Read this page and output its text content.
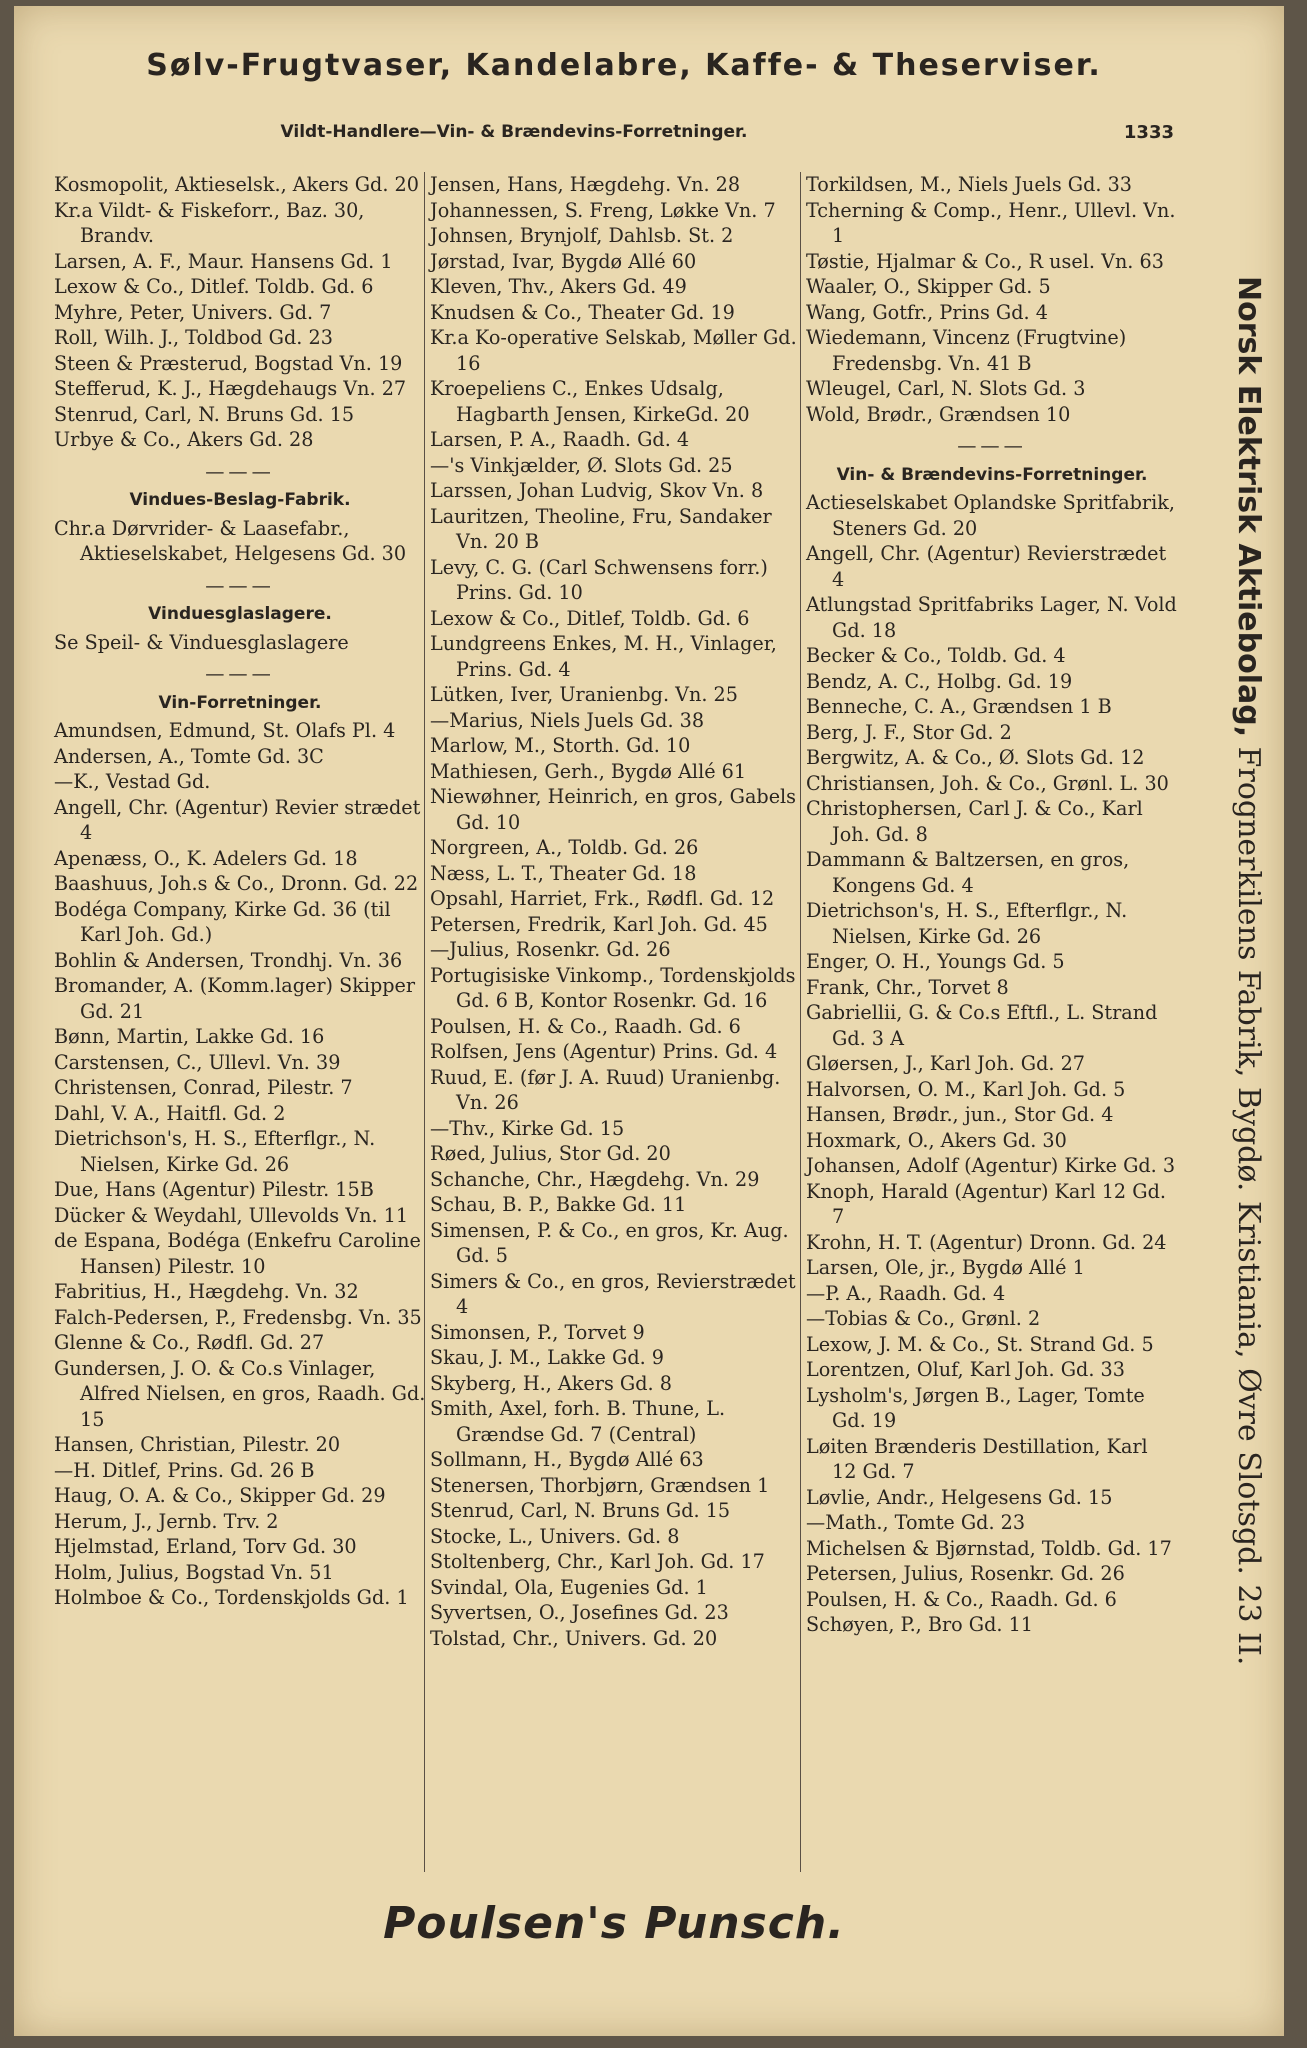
Sølv-Frugtvaser, Kandelabre, Kaffe- & Theserviser.
Vildt-Handlere—Vin- & Brændevins-Forretninger.	1333
Kosmopolit, Aktieselsk., Akers Gd. 20
Kr.a Vildt- & Fiskeforr., Baz. 30, Brandv.
Larsen, A. F., Maur. Hansens Gd. 1
Lexow & Co., Ditlef. Toldb. Gd. 6
Myhre, Peter, Univers. Gd. 7
Roll, Wilh. J., Toldbod Gd. 23
Steen & Præsterud, Bogstad Vn. 19
Stefferud, K. J., Hægdehaugs Vn. 27
Stenrud, Carl, N. Bruns Gd. 15
Urbye & Co., Akers Gd. 28
———
Vindues-Beslag-Fabrik.
Chr.a Dørvrider- & Laasefabr., Aktieselskabet, Helgesens Gd. 30
———
Vinduesglaslagere.
Se Speil- & Vinduesglaslagere
———
Vin-Forretninger.
Amundsen, Edmund, St. Olafs Pl. 4
Andersen, A., Tomte Gd. 3C
—K., Vestad Gd.
Angell, Chr. (Agentur) Revier strædet 4
Apenæss, O., K. Adelers Gd. 18
Baashuus, Joh.s & Co., Dronn. Gd. 22
Bodéga Company, Kirke Gd. 36 (til Karl Joh. Gd.)
Bohlin & Andersen, Trondhj. Vn. 36
Bromander, A. (Komm.lager) Skipper Gd. 21
Bønn, Martin, Lakke Gd. 16
Carstensen, C., Ullevl. Vn. 39
Christensen, Conrad, Pilestr. 7
Dahl, V. A., Haitfl. Gd. 2
Dietrichson's, H. S., Efterflgr., N. Nielsen, Kirke Gd. 26
Due, Hans (Agentur) Pilestr. 15B
Dücker & Weydahl, Ullevolds Vn. 11
de Espana, Bodéga (Enkefru Caroline Hansen) Pilestr. 10
Fabritius, H., Hægdehg. Vn. 32
Falch-Pedersen, P., Fredensbg. Vn. 35
Glenne & Co., Rødfl. Gd. 27
Gundersen, J. O. & Co.s Vinlager, Alfred Nielsen, en gros, Raadh. Gd. 15
Hansen, Christian, Pilestr. 20
—H. Ditlef, Prins. Gd. 26 B
Haug, O. A. & Co., Skipper Gd. 29
Herum, J., Jernb. Trv. 2
Hjelmstad, Erland, Torv Gd. 30
Holm, Julius, Bogstad Vn. 51
Holmboe & Co., Tordenskjolds Gd. 1
Jensen, Hans, Hægdehg. Vn. 28
Johannessen, S. Freng, Løkke Vn. 7
Johnsen, Brynjolf, Dahlsb. St. 2
Jørstad, Ivar, Bygdø Allé 60
Kleven, Thv., Akers Gd. 49
Knudsen & Co., Theater Gd. 19
Kr.a Ko-operative Selskab, Møller Gd. 16
Kroepeliens C., Enkes Udsalg, Hagbarth Jensen, KirkeGd. 20
Larsen, P. A., Raadh. Gd. 4
—'s Vinkjælder, Ø. Slots Gd. 25
Larssen, Johan Ludvig, Skov Vn. 8
Lauritzen, Theoline, Fru, Sandaker Vn. 20 B
Levy, C. G. (Carl Schwensens forr.) Prins. Gd. 10
Lexow & Co., Ditlef, Toldb. Gd. 6
Lundgreens Enkes, M. H., Vinlager, Prins. Gd. 4
Lütken, Iver, Uranienbg. Vn. 25
—Marius, Niels Juels Gd. 38
Marlow, M., Storth. Gd. 10
Mathiesen, Gerh., Bygdø Allé 61
Niewøhner, Heinrich, en gros, Gabels Gd. 10
Norgreen, A., Toldb. Gd. 26
Næss, L. T., Theater Gd. 18
Opsahl, Harriet, Frk., Rødfl. Gd. 12
Petersen, Fredrik, Karl Joh. Gd. 45
—Julius, Rosenkr. Gd. 26
Portugisiske Vinkomp., Tordenskjolds Gd. 6 B, Kontor Rosenkr. Gd. 16
Poulsen, H. & Co., Raadh. Gd. 6
Rolfsen, Jens (Agentur) Prins. Gd. 4
Ruud, E. (før J. A. Ruud) Uranienbg. Vn. 26
—Thv., Kirke Gd. 15
Røed, Julius, Stor Gd. 20
Schanche, Chr., Hægdehg. Vn. 29
Schau, B. P., Bakke Gd. 11
Simensen, P. & Co., en gros, Kr. Aug. Gd. 5
Simers & Co., en gros, Revierstrædet 4
Simonsen, P., Torvet 9
Skau, J. M., Lakke Gd. 9
Skyberg, H., Akers Gd. 8
Smith, Axel, forh. B. Thune, L. Grændse Gd. 7 (Central)
Sollmann, H., Bygdø Allé 63
Stenersen, Thorbjørn, Grændsen 1
Stenrud, Carl, N. Bruns Gd. 15
Stocke, L., Univers. Gd. 8
Stoltenberg, Chr., Karl Joh. Gd. 17
Svindal, Ola, Eugenies Gd. 1
Syvertsen, O., Josefines Gd. 23
Tolstad, Chr., Univers. Gd. 20
Torkildsen, M., Niels Juels Gd. 33
Tcherning & Comp., Henr., Ullevl. Vn. 1
Tøstie, Hjalmar & Co., R usel. Vn. 63
Waaler, O., Skipper Gd. 5
Wang, Gotfr., Prins Gd. 4
Wiedemann, Vincenz (Frugtvine) Fredensbg. Vn. 41 B
Wleugel, Carl, N. Slots Gd. 3
Wold, Brødr., Grændsen 10
———
Vin- & Brændevins-Forretninger.
Actieselskabet Oplandske Spritfabrik, Steners Gd. 20
Angell, Chr. (Agentur) Revierstrædet 4
Atlungstad Spritfabriks Lager, N. Vold Gd. 18
Becker & Co., Toldb. Gd. 4
Bendz, A. C., Holbg. Gd. 19
Benneche, C. A., Grændsen 1 B
Berg, J. F., Stor Gd. 2
Bergwitz, A. & Co., Ø. Slots Gd. 12
Christiansen, Joh. & Co., Grønl. L. 30
Christophersen, Carl J. & Co., Karl Joh. Gd. 8
Dammann & Baltzersen, en gros, Kongens Gd. 4
Dietrichson's, H. S., Efterflgr., N. Nielsen, Kirke Gd. 26
Enger, O. H., Youngs Gd. 5
Frank, Chr., Torvet 8
Gabriellii, G. & Co.s Eftfl., L. Strand Gd. 3 A
Gløersen, J., Karl Joh. Gd. 27
Halvorsen, O. M., Karl Joh. Gd. 5
Hansen, Brødr., jun., Stor Gd. 4
Hoxmark, O., Akers Gd. 30
Johansen, Adolf (Agentur) Kirke Gd. 3
Knoph, Harald (Agentur) Karl 12 Gd. 7
Krohn, H. T. (Agentur) Dronn. Gd. 24
Larsen, Ole, jr., Bygdø Allé 1
—P. A., Raadh. Gd. 4
—Tobias & Co., Grønl. 2
Lexow, J. M. & Co., St. Strand Gd. 5
Lorentzen, Oluf, Karl Joh. Gd. 33
Lysholm's, Jørgen B., Lager, Tomte Gd. 19
Løiten Brænderis Destillation, Karl 12 Gd. 7
Løvlie, Andr., Helgesens Gd. 15
—Math., Tomte Gd. 23
Michelsen & Bjørnstad, Toldb. Gd. 17
Petersen, Julius, Rosenkr. Gd. 26
Poulsen, H. & Co., Raadh. Gd. 6
Schøyen, P., Bro Gd. 11
Norsk Elektrisk Aktiebolag, Frognerkilens Fabrik, Bygdø. Kristiania, Øvre Slotsgd. 23 II.
Poulsen's Punsch.
